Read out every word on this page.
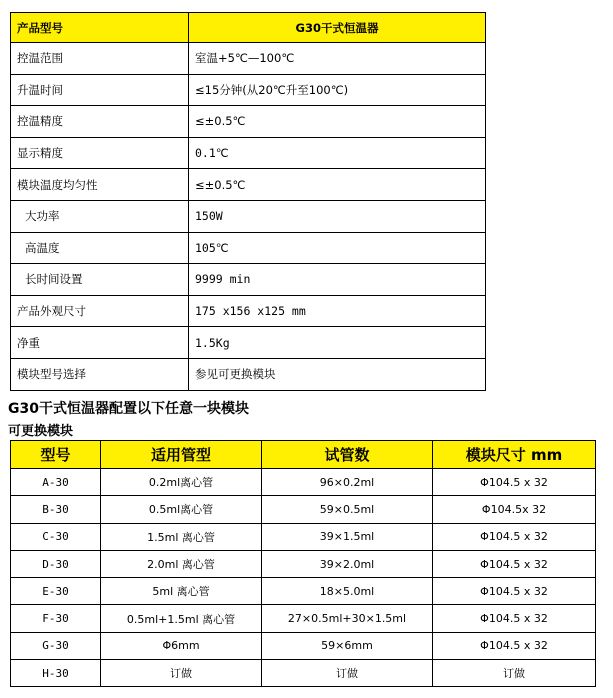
产品型号	G30干式恒温器
控温范围	室温+5℃—100℃
升温时间	≤15分钟(从20℃升至100℃)
控温精度	≤±0.5℃
显示精度	0.1℃
模块温度均匀性	≤±0.5℃
大功率	150W
高温度	105℃
长时间设置	9999 min
产品外观尺寸	175 x156 x125 mm
净重	1.5Kg
模块型号选择	参见可更换模块
G30干式恒温器配置以下任意一块模块
可更换模块
型号	适用管型	试管数	模块尺寸 mm
A-30	0.2ml离心管	96×0.2ml	Φ104.5 x 32
B-30	0.5ml离心管	59×0.5ml	Φ104.5x 32
C-30	1.5ml 离心管	39×1.5ml	Φ104.5 x 32
D-30	2.0ml 离心管	39×2.0ml	Φ104.5 x 32
E-30	5ml 离心管	18×5.0ml	Φ104.5 x 32
F-30	0.5ml+1.5ml 离心管	27×0.5ml+30×1.5ml	Φ104.5 x 32
G-30	Φ6mm	59×6mm	Φ104.5 x 32
H-30	订做	订做	订做
